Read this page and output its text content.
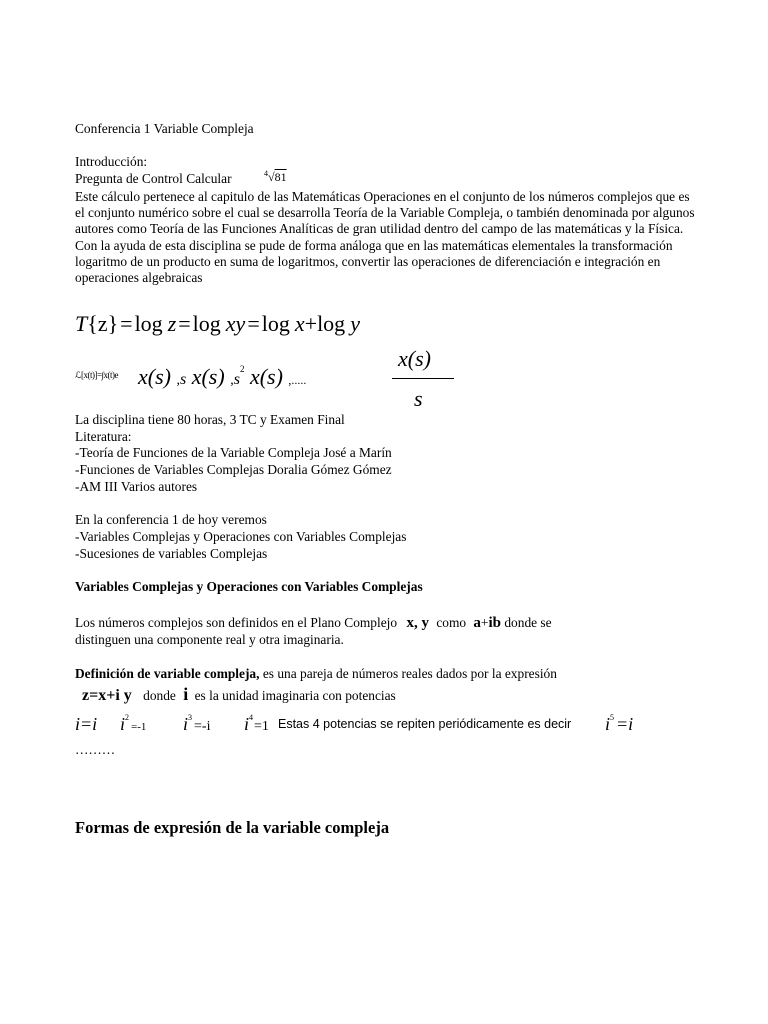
Conferencia 1 Variable Compleja
Introducción:
Pregunta de Control Calcular	$^4$√81
Este cálculo pertenece al capitulo de las Matemáticas Operaciones en el conjunto de los números complejos que es el conjunto numérico sobre el cual se desarrolla Teoría de la Variable Compleja, o también denominada por algunos autores como Teoría de las Funciones Analíticas de gran utilidad dentro del campo de las matemáticas y la Física. Con la ayuda de esta disciplina se pude de forma análoga que en las matemáticas elementales la transformación logaritmo de un producto en suma de logaritmos, convertir las operaciones de diferenciación e integración en operaciones algebraicas
T{z}=log z=log xy=log x+log y
ℒ[x(t)]=∫x(t)e x(s) ,s x(s) $,s^2$ x(s) ,.....
x(s)
s
La disciplina tiene 80 horas, 3 TC y Examen Final
Literatura:
-Teoría de Funciones de la Variable Compleja José a Marín
-Funciones de Variables Complejas Doralia Gómez Gómez
-AM III Varios autores
En la conferencia 1 de hoy veremos
-Variables Complejas y Operaciones con Variables Complejas
-Sucesiones de variables Complejas
Variables Complejas y Operaciones con Variables Complejas
Los números complejos son definidos en el Plano Complejo x, y como a+ib donde se
distinguen una componente real y otra imaginaria.
Definición de variable compleja, es una pareja de números reales dados por la expresión
z=x+i y donde i es la unidad imaginaria con potencias
i=i $i^2=-1$ $i^3=-i$ $i^4=1$ Estas 4 potencias se repiten periódicamente es decir $i^5 =i$
………
Formas de expresión de la variable compleja
